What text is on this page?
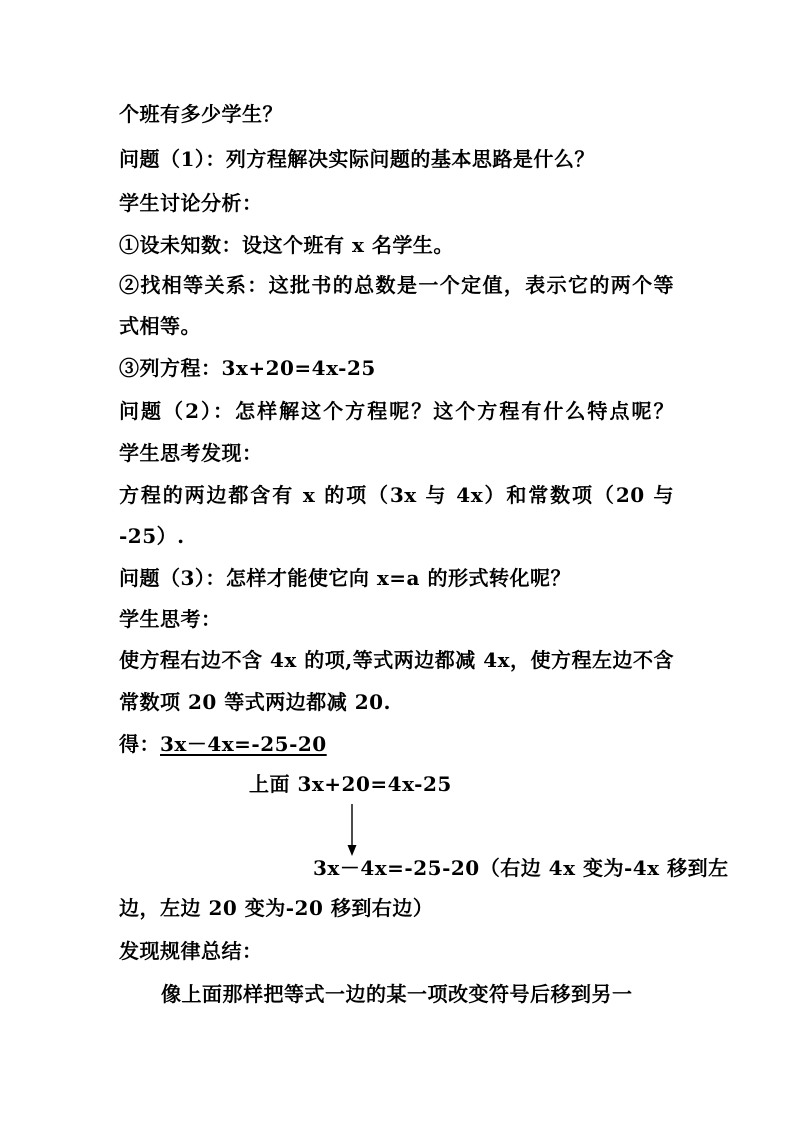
个班有多少学生？
问题（1）：列方程解决实际问题的基本思路是什么？
学生讨论分析：
①设未知数：设这个班有 x 名学生。
②找相等关系：这批书的总数是一个定值，表示它的两个等
式相等。
③列方程：3x+20=4x-25
问题（2）：怎样解这个方程呢？这个方程有什么特点呢？
学生思考发现：
方程的两边都含有 x 的项（3x 与 4x）和常数项（20 与
-25）.
问题（3）：怎样才能使它向 x=a 的形式转化呢？
学生思考：
使方程右边不含 4x 的项,等式两边都减 4x，使方程左边不含
常数项 20 等式两边都减 20.
得：3x－4x=-25-20
上面 3x+20=4x-25
3x－4x=-25-20（右边 4x 变为-4x 移到左
边，左边 20 变为-20 移到右边）
发现规律总结：
像上面那样把等式一边的某一项改变符号后移到另一
